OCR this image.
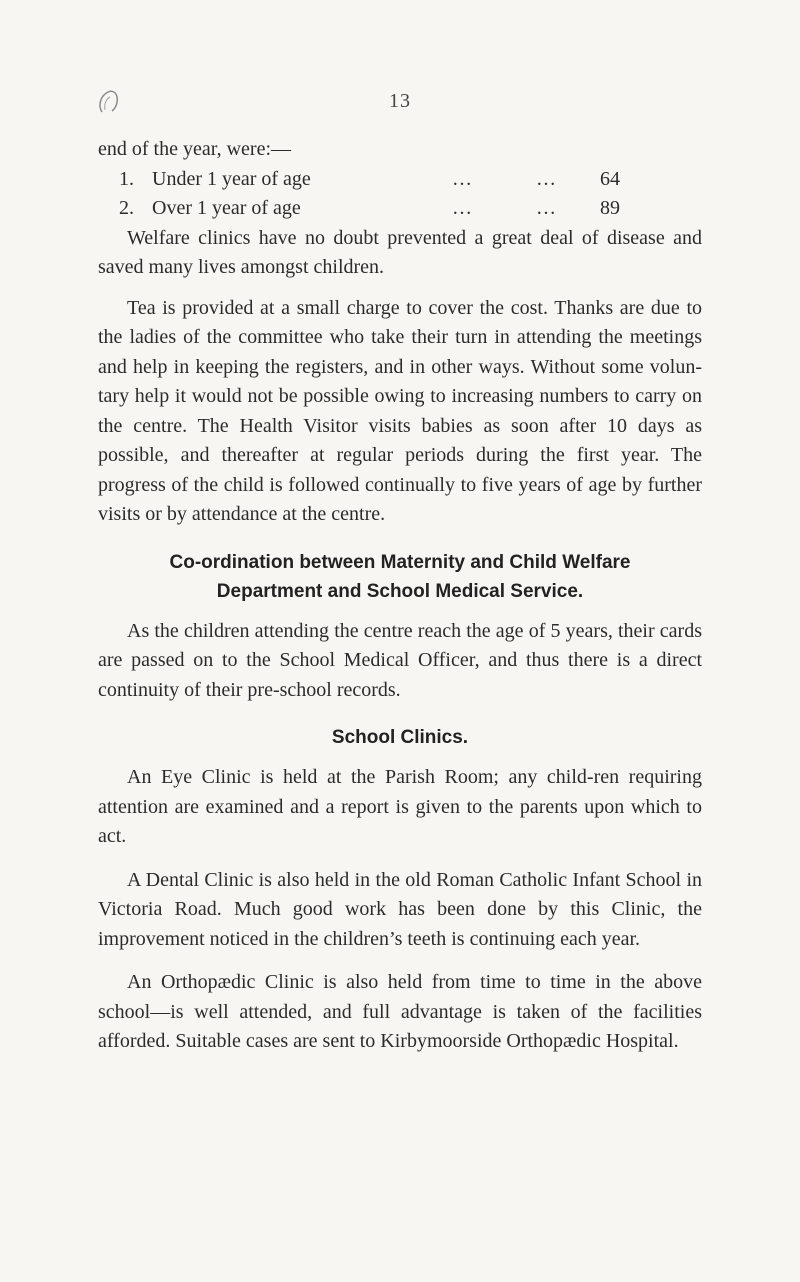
13

end of the year, were:—

1. Under 1 year of age	…	…	64
2. Over 1 year of age	…	…	89

Welfare clinics have no doubt prevented a great deal of disease and saved many lives amongst children.

Tea is provided at a small charge to cover the cost. Thanks are due to the ladies of the committee who take their turn in attending the meetings and help in keeping the registers, and in other ways. Without some volun-tary help it would not be possible owing to increasing numbers to carry on the centre. The Health Visitor visits babies as soon after 10 days as possible, and thereafter at regular periods during the first year. The progress of the child is followed continually to five years of age by further visits or by attendance at the centre.

Co-ordination between Maternity and Child Welfare
Department and School Medical Service.

As the children attending the centre reach the age of 5 years, their cards are passed on to the School Medical Officer, and thus there is a direct continuity of their pre-school records.

School Clinics.

An Eye Clinic is held at the Parish Room; any child-ren requiring attention are examined and a report is given to the parents upon which to act.

A Dental Clinic is also held in the old Roman Catholic Infant School in Victoria Road. Much good work has been done by this Clinic, the improvement noticed in the children’s teeth is continuing each year.

An Orthopædic Clinic is also held from time to time in the above school—is well attended, and full advantage is taken of the facilities afforded. Suitable cases are sent to Kirbymoorside Orthopædic Hospital.
